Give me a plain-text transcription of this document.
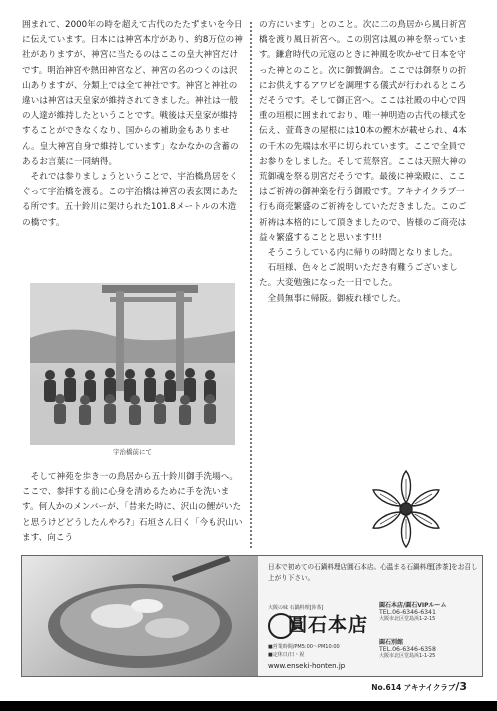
囲まれて、2000年の時を超えて古代のたたずまいを今日に伝えています。日本には神宮本庁があり、約8万位の神社がありますが、神宮に当たるのはここの皇大神宮だけです。明治神宮や熱田神宮など、神宮の名のつくのは沢山ありますが、分類上では全て神社です。神宮と神社の違いは神宮は天皇家が維持されてきました。神社は一般の人達が維持したということです。戦後は天皇家が維持することができなくなり、国からの補助金もありません。皇大神宮自身で維持しています」なかなかの含蓄のあるお言葉に一同納得。

それでは参りましょうということで、宇治橋鳥居をくぐって宇治橋を渡る。この宇治橋は神宮の表玄関にあたる所です。五十鈴川に架けられた101.8メートルの木造の橋です。

宇治橋前にて

そして神苑を歩き一の鳥居から五十鈴川御手洗場へ。ここで、参拝する前に心身を清めるために手を洗います。何人かのメンバーが、「昔来た時に、沢山の鯉がいたと思うけどどうしたんやろ?」石垣さん曰く「今も沢山います、向こう

の方にいます」とのこと。次に二の鳥居から風日祈宮橋を渡り風日祈宮へ。この別宮は風の神を祭っています。鎌倉時代の元寇のときに神風を吹かせて日本を守った神とのこと。次に御贄調舎。ここでは御祭りの折にお供えするアワビを調理する儀式が行われるところだそうです。そして御正宮へ。ここは社殿の中心で四重の垣根に囲まれており、唯一神明造の古代の様式を伝え、萱葺きの屋根には10本の鰹木が載せられ、4本の千木の先端は水平に切られています。ここで全員でお参りをしました。そして荒祭宮。ここは天照大神の荒御魂を祭る別宮だそうです。最後に神楽殿に、ここはご祈祷の御神楽を行う御殿です。アキナイクラブ一行も商売繁盛のご祈祷をしていただきました。このご祈祷は本格的にして頂きましたので、皆様のご商売は益々繁盛することと思います!!!

そうこうしている内に帰りの時間となりました。

石垣様、色々とご説明いただき有難うございました。大変勉強になった一日でした。

全員無事に帰阪。御疲れ様でした。

日本で初めての石鍋料理店圓石本店。心温まる石鍋料理[涉茶]をお召し上がり下さい。
大阪の味 石鍋料理[涉茶]
圓石本店
■営業時間/PM5:00〜PM10:00
■定休日/日・祝
www.enseki-honten.jp
圓石本店/圓石VIPルーム
TEL.06-6346-6341
大阪市北区堂島浜1-2-15
圓石別館
TEL.06-6346-6358
大阪市北区堂島浜1-1-25
No.614 アキナイクラブ/3
